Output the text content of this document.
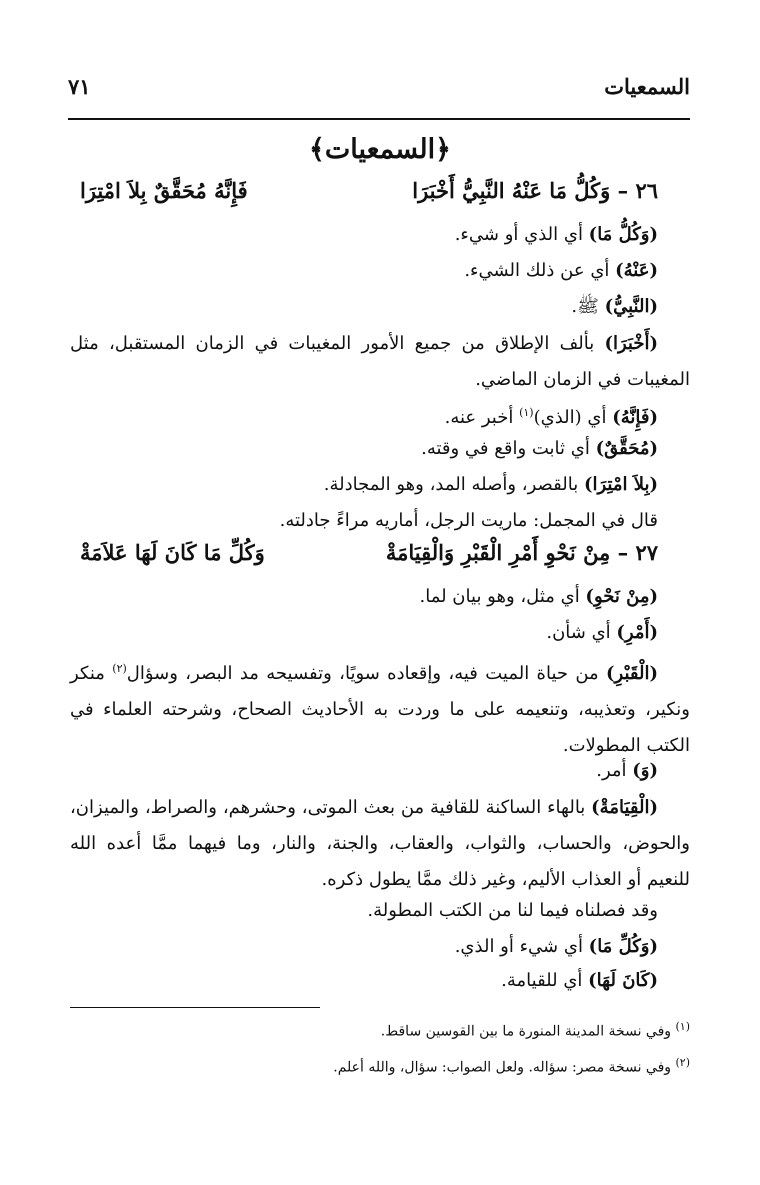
السمعيات
٧١
﴿السمعيات﴾
٢٦ – وَكُلُّ مَا عَنْهُ النَّبِيُّ أَخْبَرَا
فَإِنَّهُ مُحَقَّقٌ بِلاَ امْتِرَا
(وَكُلُّ مَا) أي الذي أو شيء.
(عَنْهُ) أي عن ذلك الشيء.
(النَّبِيُّ) ﷺ.
(أَخْبَرَا) بألف الإطلاق من جميع الأمور المغيبات في الزمان المستقبل، مثل المغيبات في الزمان الماضي.
(فَإِنَّهُ) أي (الذي)$^{(١)}$ أخبر عنه.
(مُحَقَّقٌ) أي ثابت واقع في وقته.
(بِلاَ امْتِرَا) بالقصر، وأصله المد، وهو المجادلة.
قال في المجمل: ماريت الرجل، أماريه مراءً جادلته.
٢٧ – مِنْ نَحْوِ أَمْرِ الْقَبْرِ وَالْقِيَامَةْ
وَكُلِّ مَا كَانَ لَهَا عَلاَمَةْ
(مِنْ نَحْوِ) أي مثل، وهو بيان لما.
(أَمْرِ) أي شأن.
(الْقَبْرِ) من حياة الميت فيه، وإقعاده سويًا، وتفسيحه مد البصر، وسؤال$^{(٢)}$ منكر ونكير، وتعذيبه، وتنعيمه على ما وردت به الأحاديث الصحاح، وشرحته العلماء في الكتب المطولات.
(وَ) أمر.
(الْقِيَامَةْ) بالهاء الساكنة للقافية من بعث الموتى، وحشرهم، والصراط، والميزان، والحوض، والحساب، والثواب، والعقاب، والجنة، والنار، وما فيهما ممَّا أعده الله للنعيم أو العذاب الأليم، وغير ذلك ممَّا يطول ذكره.
وقد فصلناه فيما لنا من الكتب المطولة.
(وَكُلِّ مَا) أي شيء أو الذي.
(كَانَ لَهَا) أي للقيامة.
$^{(١)}$ وفي نسخة المدينة المنورة ما بين القوسين ساقط.
$^{(٢)}$ وفي نسخة مصر: سؤاله. ولعل الصواب: سؤال، والله أعلم.
